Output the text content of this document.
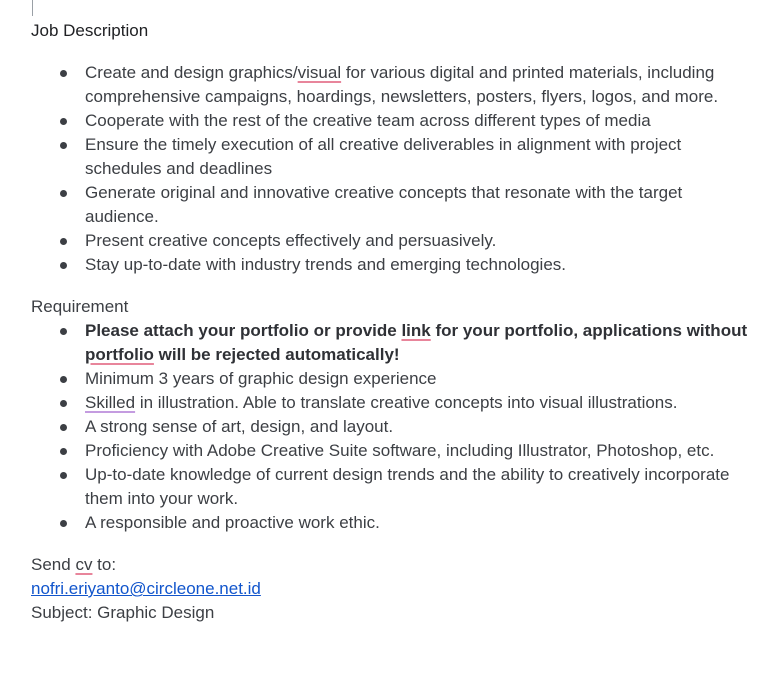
Job Description
Create and design graphics/visual for various digital and printed materials, including comprehensive campaigns, hoardings, newsletters, posters, flyers, logos, and more.
Cooperate with the rest of the creative team across different types of media
Ensure the timely execution of all creative deliverables in alignment with project schedules and deadlines
Generate original and innovative creative concepts that resonate with the target audience.
Present creative concepts effectively and persuasively.
Stay up-to-date with industry trends and emerging technologies.
Requirement
Please attach your portfolio or provide link for your portfolio, applications without portfolio will be rejected automatically!
Minimum 3 years of graphic design experience
Skilled in illustration. Able to translate creative concepts into visual illustrations.
A strong sense of art, design, and layout.
Proficiency with Adobe Creative Suite software, including Illustrator, Photoshop, etc.
Up-to-date knowledge of current design trends and the ability to creatively incorporate them into your work.
A responsible and proactive work ethic.
Send cv to:
nofri.eriyanto@circleone.net.id
Subject: Graphic Design
